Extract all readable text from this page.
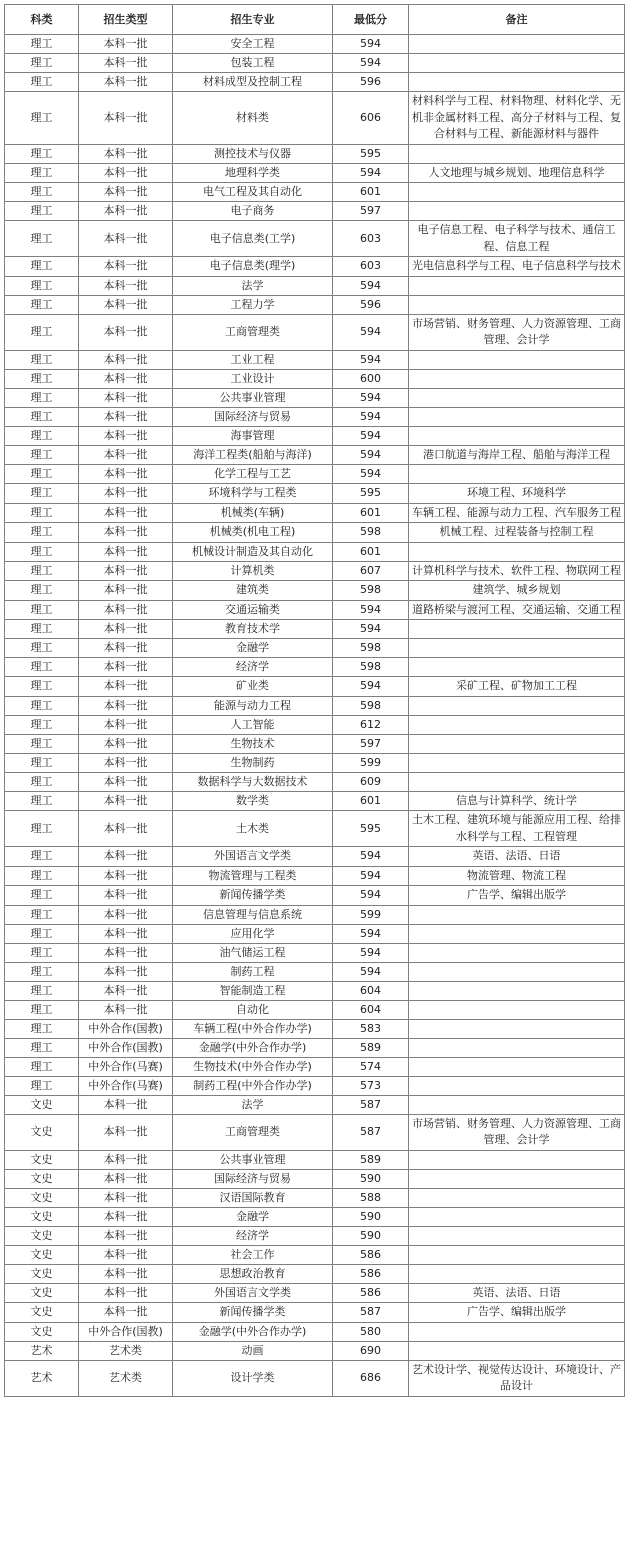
科类	招生类型	招生专业	最低分	备注
理工	本科一批	安全工程	594	
理工	本科一批	包装工程	594	
理工	本科一批	材料成型及控制工程	596	
理工	本科一批	材料类	606	材料科学与工程、材料物理、材料化学、无机非金属材料工程、高分子材料与工程、复合材料与工程、新能源材料与器件
理工	本科一批	测控技术与仪器	595	
理工	本科一批	地理科学类	594	人文地理与城乡规划、地理信息科学
理工	本科一批	电气工程及其自动化	601	
理工	本科一批	电子商务	597	
理工	本科一批	电子信息类(工学)	603	电子信息工程、电子科学与技术、通信工程、信息工程
理工	本科一批	电子信息类(理学)	603	光电信息科学与工程、电子信息科学与技术
理工	本科一批	法学	594	
理工	本科一批	工程力学	596	
理工	本科一批	工商管理类	594	市场营销、财务管理、人力资源管理、工商管理、会计学
理工	本科一批	工业工程	594	
理工	本科一批	工业设计	600	
理工	本科一批	公共事业管理	594	
理工	本科一批	国际经济与贸易	594	
理工	本科一批	海事管理	594	
理工	本科一批	海洋工程类(船舶与海洋)	594	港口航道与海岸工程、船舶与海洋工程
理工	本科一批	化学工程与工艺	594	
理工	本科一批	环境科学与工程类	595	环境工程、环境科学
理工	本科一批	机械类(车辆)	601	车辆工程、能源与动力工程、汽车服务工程
理工	本科一批	机械类(机电工程)	598	机械工程、过程装备与控制工程
理工	本科一批	机械设计制造及其自动化	601	
理工	本科一批	计算机类	607	计算机科学与技术、软件工程、物联网工程
理工	本科一批	建筑类	598	建筑学、城乡规划
理工	本科一批	交通运输类	594	道路桥梁与渡河工程、交通运输、交通工程
理工	本科一批	教育技术学	594	
理工	本科一批	金融学	598	
理工	本科一批	经济学	598	
理工	本科一批	矿业类	594	采矿工程、矿物加工工程
理工	本科一批	能源与动力工程	598	
理工	本科一批	人工智能	612	
理工	本科一批	生物技术	597	
理工	本科一批	生物制药	599	
理工	本科一批	数据科学与大数据技术	609	
理工	本科一批	数学类	601	信息与计算科学、统计学
理工	本科一批	土木类	595	土木工程、建筑环境与能源应用工程、给排水科学与工程、工程管理
理工	本科一批	外国语言文学类	594	英语、法语、日语
理工	本科一批	物流管理与工程类	594	物流管理、物流工程
理工	本科一批	新闻传播学类	594	广告学、编辑出版学
理工	本科一批	信息管理与信息系统	599	
理工	本科一批	应用化学	594	
理工	本科一批	油气储运工程	594	
理工	本科一批	制药工程	594	
理工	本科一批	智能制造工程	604	
理工	本科一批	自动化	604	
理工	中外合作(国教)	车辆工程(中外合作办学)	583	
理工	中外合作(国教)	金融学(中外合作办学)	589	
理工	中外合作(马赛)	生物技术(中外合作办学)	574	
理工	中外合作(马赛)	制药工程(中外合作办学)	573	
文史	本科一批	法学	587	
文史	本科一批	工商管理类	587	市场营销、财务管理、人力资源管理、工商管理、会计学
文史	本科一批	公共事业管理	589	
文史	本科一批	国际经济与贸易	590	
文史	本科一批	汉语国际教育	588	
文史	本科一批	金融学	590	
文史	本科一批	经济学	590	
文史	本科一批	社会工作	586	
文史	本科一批	思想政治教育	586	
文史	本科一批	外国语言文学类	586	英语、法语、日语
文史	本科一批	新闻传播学类	587	广告学、编辑出版学
文史	中外合作(国教)	金融学(中外合作办学)	580	
艺术	艺术类	动画	690	
艺术	艺术类	设计学类	686	艺术设计学、视觉传达设计、环境设计、产品设计
